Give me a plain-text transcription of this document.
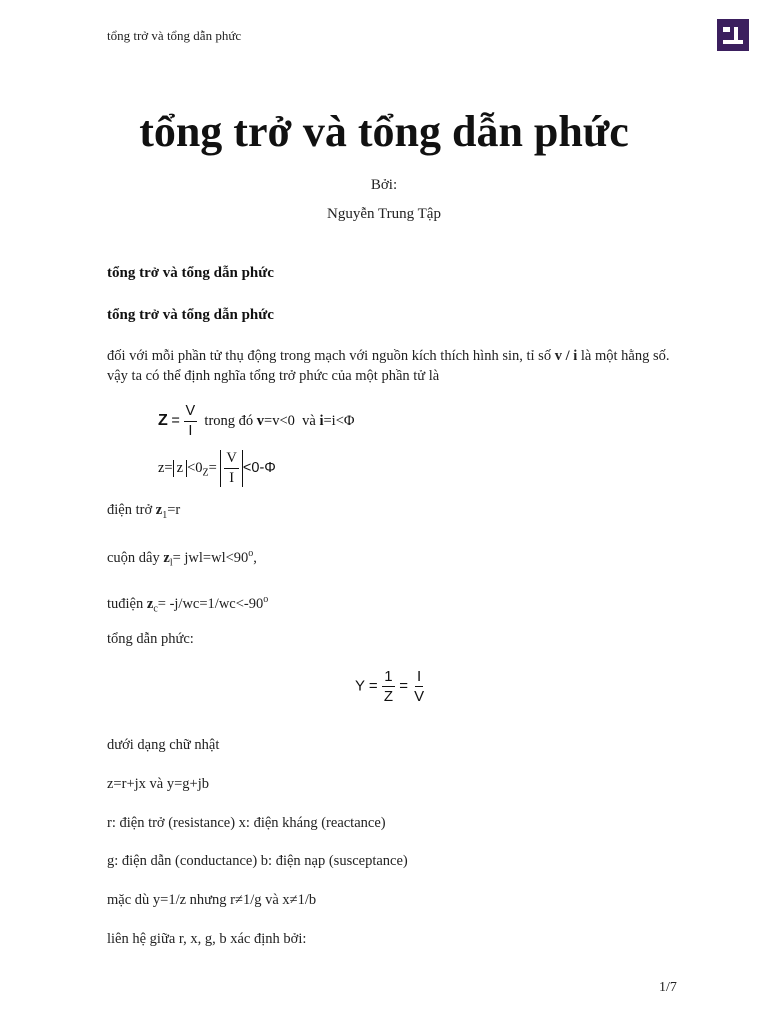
tổng trở và tổng dẫn phức
tổng trở và tổng dẫn phức
Bởi:
Nguyễn Trung Tập
tổng trở và tổng dẫn phức
tổng trở và tổng dẫn phức
đối với mỗi phần tử thụ động trong mạch với nguồn kích thích hình sin, tỉ số v / i là một hằng số. vậy ta có thể định nghĩa tổng trở phức của một phần tử là
$Z = \frac{V}{I}$ trong đó v=v<0 và i=i<Φ
$z= z <0_Z= \frac{V}{I} <0-\Phi$
điện trở $z_1=r$
cuộn dây $z_l= jwl=wl<90^o$,
tuđiện $z_c= -j/wc=1/wc<-90^o$
tổng dẫn phức:
$Y = \frac{1}{Z} = \frac{I}{V}$
dưới dạng chữ nhật
z=r+jx và y=g+jb
r: điện trở (resistance) x: điện kháng (reactance)
g: điện dẫn (conductance) b: điện nạp (susceptance)
mặc dù y=1/z nhưng r≠1/g và x≠1/b
liên hệ giữa r, x, g, b xác định bởi:
1/7
